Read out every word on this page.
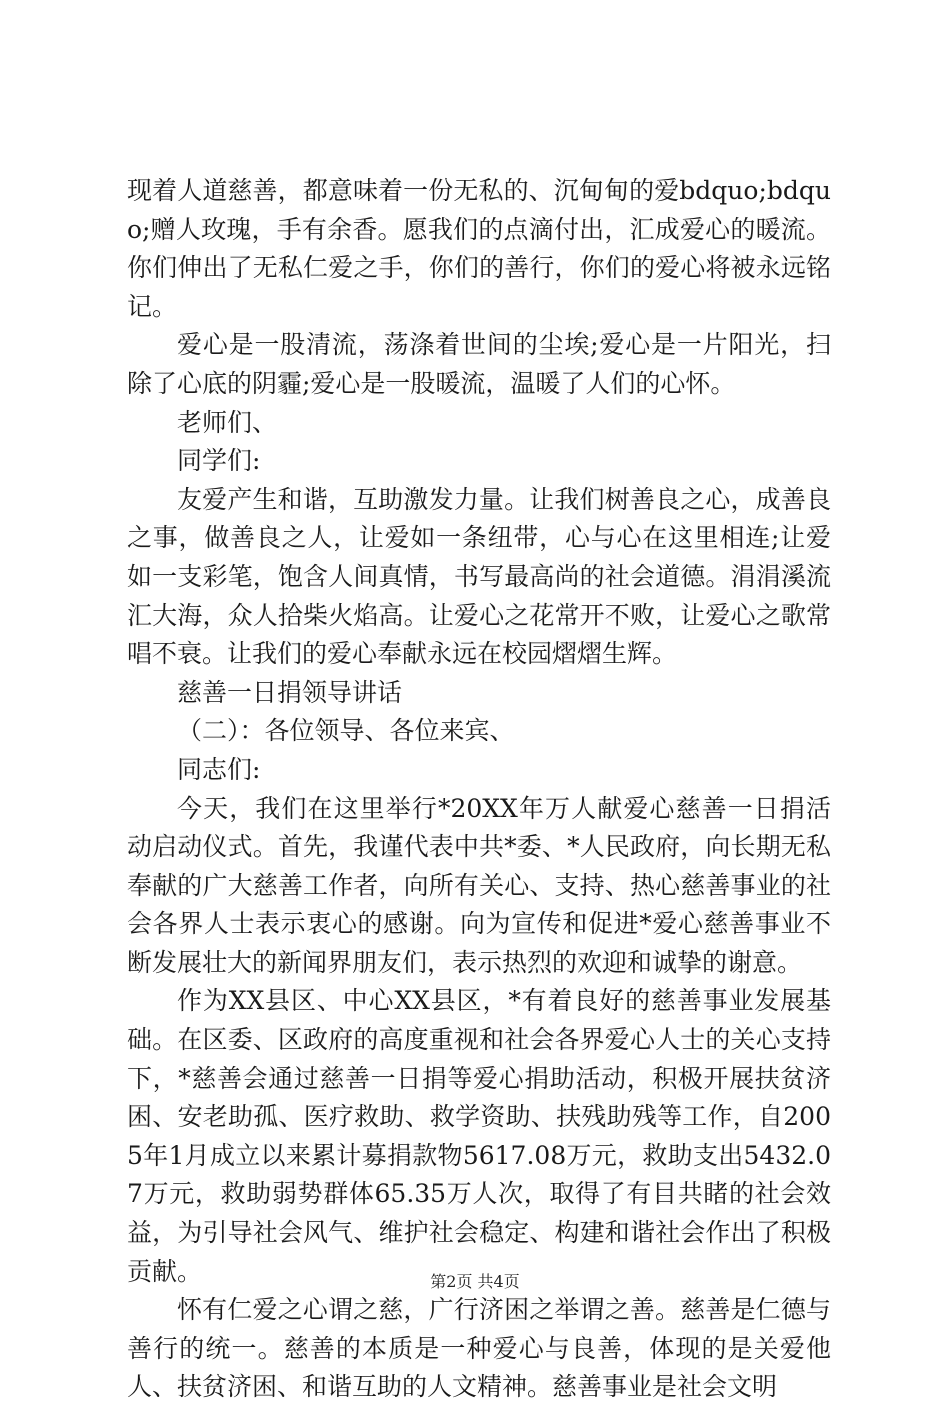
现着人道慈善，都意味着一份无私的、沉甸甸的爱bdquo;bdquo;赠人玫瑰，手有余香。愿我们的点滴付出，汇成爱心的暖流。你们伸出了无私仁爱之手，你们的善行，你们的爱心将被永远铭记。

爱心是一股清流，荡涤着世间的尘埃;爱心是一片阳光，扫除了心底的阴霾;爱心是一股暖流，温暖了人们的心怀。

老师们、

同学们:

友爱产生和谐，互助激发力量。让我们树善良之心，成善良之事，做善良之人，让爱如一条纽带，心与心在这里相连;让爱如一支彩笔，饱含人间真情，书写最高尚的社会道德。涓涓溪流汇大海，众人拾柴火焰高。让爱心之花常开不败，让爱心之歌常唱不衰。让我们的爱心奉献永远在校园熠熠生辉。

慈善一日捐领导讲话

（二）：各位领导、各位来宾、

同志们:

今天，我们在这里举行*20XX年万人献爱心慈善一日捐活动启动仪式。首先，我谨代表中共*委、*人民政府，向长期无私奉献的广大慈善工作者，向所有关心、支持、热心慈善事业的社会各界人士表示衷心的感谢。向为宣传和促进*爱心慈善事业不断发展壮大的新闻界朋友们，表示热烈的欢迎和诚挚的谢意。

作为XX县区、中心XX县区，*有着良好的慈善事业发展基础。在区委、区政府的高度重视和社会各界爱心人士的关心支持下，*慈善会通过慈善一日捐等爱心捐助活动，积极开展扶贫济困、安老助孤、医疗救助、救学资助、扶残助残等工作，自2005年1月成立以来累计募捐款物5617.08万元，救助支出5432.07万元，救助弱势群体65.35万人次，取得了有目共睹的社会效益，为引导社会风气、维护社会稳定、构建和谐社会作出了积极贡献。

怀有仁爱之心谓之慈，广行济困之举谓之善。慈善是仁德与善行的统一。慈善的本质是一种爱心与良善，体现的是关爱他人、扶贫济困、和谐互助的人文精神。慈善事业是社会文明

第2页 共4页
